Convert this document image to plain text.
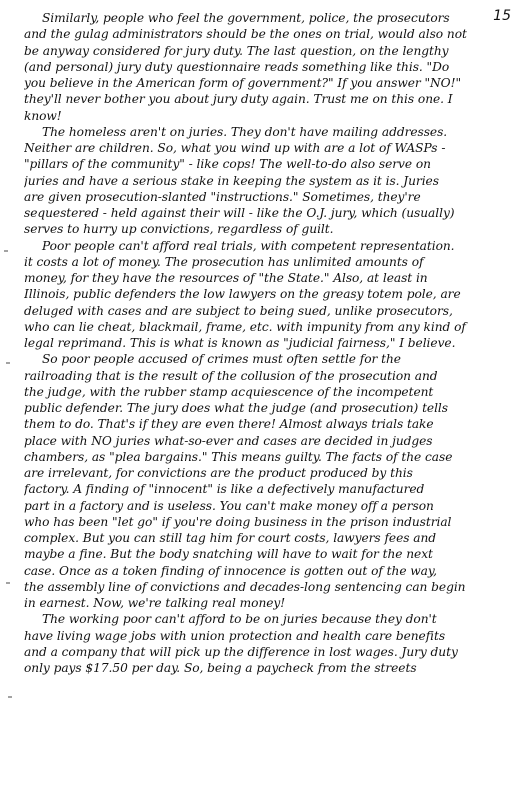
15
Similarly, people who feel the government, police, the prosecutors
and the gulag administrators should be the ones on trial, would also not
be anyway considered for jury duty. The last question, on the lengthy
(and personal) jury duty questionnaire reads something like this. "Do
you believe in the American form of government?" If you answer "NO!"
they'll never bother you about jury duty again. Trust me on this one. I
know!
The homeless aren't on juries. They don't have mailing addresses.
Neither are children. So, what you wind up with are a lot of WASPs -
"pillars of the community" - like cops! The well-to-do also serve on
juries and have a serious stake in keeping the system as it is. Juries
are given prosecution-slanted "instructions." Sometimes, they're
sequestered - held against their will - like the O.J. jury, which (usually)
serves to hurry up convictions, regardless of guilt.
Poor people can't afford real trials, with competent representation.
it costs a lot of money. The prosecution has unlimited amounts of
money, for they have the resources of "the State." Also, at least in
Illinois, public defenders the low lawyers on the greasy totem pole, are
deluged with cases and are subject to being sued, unlike prosecutors,
who can lie cheat, blackmail, frame, etc. with impunity from any kind of
legal reprimand. This is what is known as "judicial fairness," I believe.
So poor people accused of crimes must often settle for the
railroading that is the result of the collusion of the prosecution and
the judge, with the rubber stamp acquiescence of the incompetent
public defender. The jury does what the judge (and prosecution) tells
them to do. That's if they are even there! Almost always trials take
place with NO juries what-so-ever and cases are decided in judges
chambers, as "plea bargains." This means guilty. The facts of the case
are irrelevant, for convictions are the product produced by this
factory. A finding of "innocent" is like a defectively manufactured
part in a factory and is useless. You can't make money off a person
who has been "let go" if you're doing business in the prison industrial
complex. But you can still tag him for court costs, lawyers fees and
maybe a fine. But the body snatching will have to wait for the next
case. Once as a token finding of innocence is gotten out of the way,
the assembly line of convictions and decades-long sentencing can begin
in earnest. Now, we're talking real money!
The working poor can't afford to be on juries because they don't
have living wage jobs with union protection and health care benefits
and a company that will pick up the difference in lost wages. Jury duty
only pays $17.50 per day. So, being a paycheck from the streets
